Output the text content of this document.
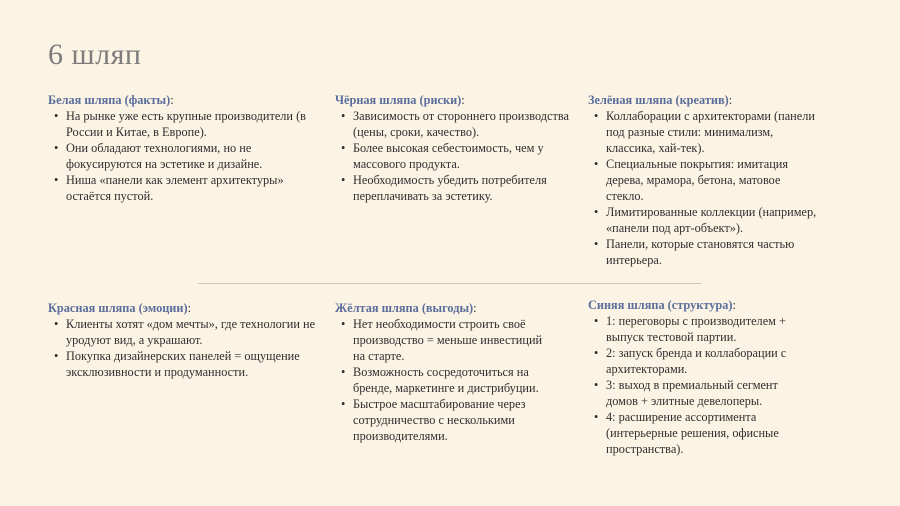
6 шляп
Белая шляпа (факты):
• На рынке уже есть крупные производители (в России и Китае, в Европе).
• Они обладают технологиями, но не фокусируются на эстетике и дизайне.
• Ниша «панели как элемент архитектуры» остаётся пустой.
Чёрная шляпа (риски):
• Зависимость от стороннего производства (цены, сроки, качество).
• Более высокая себестоимость, чем у массового продукта.
• Необходимость убедить потребителя переплачивать за эстетику.
Зелёная шляпа (креатив):
• Коллаборации с архитекторами (панели под разные стили: минимализм, классика, хай-тек).
• Специальные покрытия: имитация дерева, мрамора, бетона, матовое стекло.
• Лимитированные коллекции (например, «панели под арт-объект»).
• Панели, которые становятся частью интерьера.
Красная шляпа (эмоции):
• Клиенты хотят «дом мечты», где технологии не уродуют вид, а украшают.
• Покупка дизайнерских панелей = ощущение эксклюзивности и продуманности.
Жёлтая шляпа (выгоды):
• Нет необходимости строить своё производство = меньше инвестиций на старте.
• Возможность сосредоточиться на бренде, маркетинге и дистрибуции.
• Быстрое масштабирование через сотрудничество с несколькими производителями.
Синяя шляпа (структура):
• 1: переговоры с производителем + выпуск тестовой партии.
• 2: запуск бренда и коллаборации с архитекторами.
• 3: выход в премиальный сегмент домов + элитные девелоперы.
• 4: расширение ассортимента (интерьерные решения, офисные пространства).
